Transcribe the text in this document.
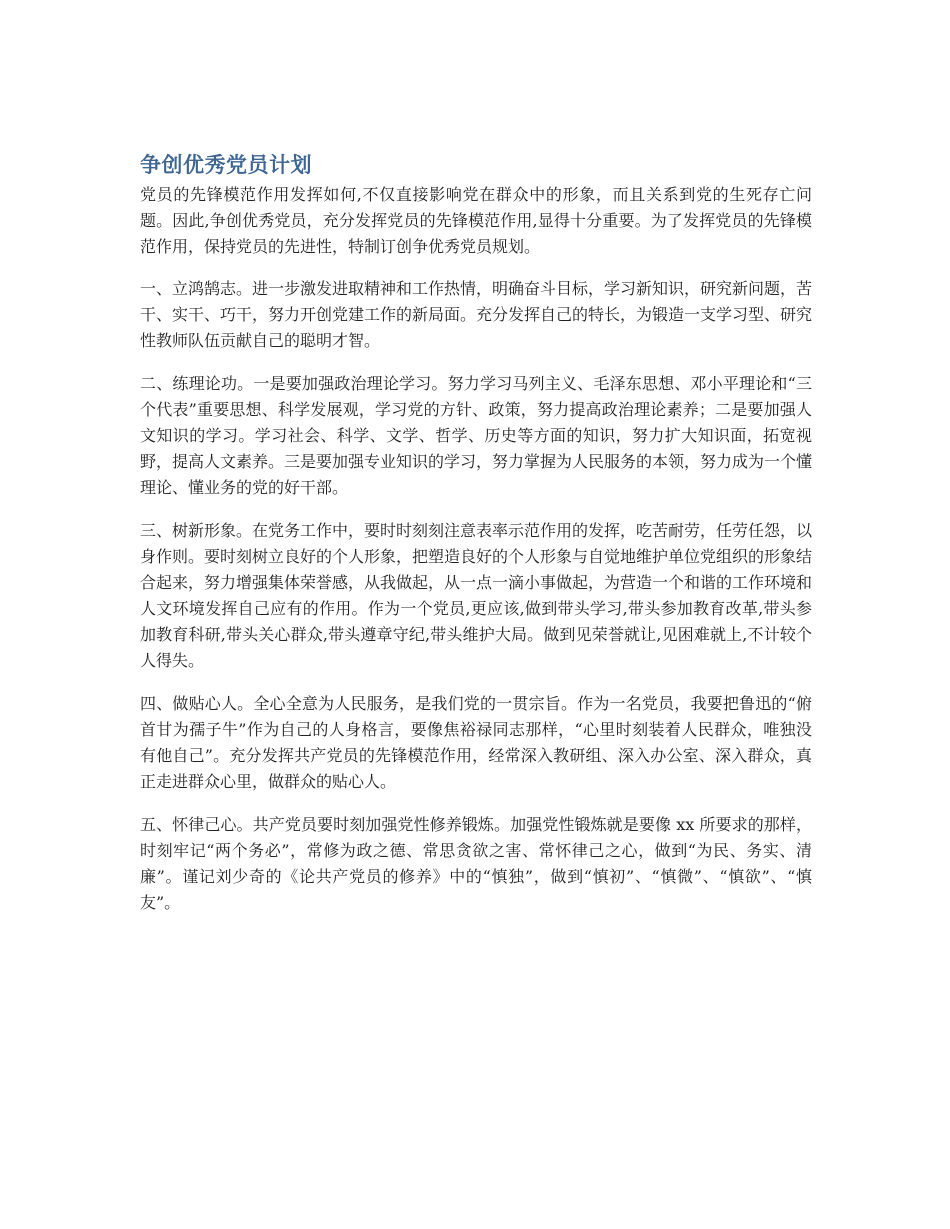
争创优秀党员计划

党员的先锋模范作用发挥如何,不仅直接影响党在群众中的形象，而且关系到党的生死存亡问题。因此,争创优秀党员，充分发挥党员的先锋模范作用,显得十分重要。为了发挥党员的先锋模范作用，保持党员的先进性，特制订创争优秀党员规划。

一、立鸿鹄志。进一步激发进取精神和工作热情，明确奋斗目标，学习新知识，研究新问题，苦干、实干、巧干，努力开创党建工作的新局面。充分发挥自己的特长，为锻造一支学习型、研究性教师队伍贡献自己的聪明才智。

二、练理论功。一是要加强政治理论学习。努力学习马列主义、毛泽东思想、邓小平理论和“三个代表”重要思想、科学发展观，学习党的方针、政策，努力提高政治理论素养；二是要加强人文知识的学习。学习社会、科学、文学、哲学、历史等方面的知识，努力扩大知识面，拓宽视野，提高人文素养。三是要加强专业知识的学习，努力掌握为人民服务的本领，努力成为一个懂理论、懂业务的党的好干部。

三、树新形象。在党务工作中，要时时刻刻注意表率示范作用的发挥，吃苦耐劳，任劳任怨，以身作则。要时刻树立良好的个人形象，把塑造良好的个人形象与自觉地维护单位党组织的形象结合起来，努力增强集体荣誉感，从我做起，从一点一滴小事做起，为营造一个和谐的工作环境和人文环境发挥自己应有的作用。作为一个党员,更应该,做到带头学习,带头参加教育改革,带头参加教育科研,带头关心群众,带头遵章守纪,带头维护大局。做到见荣誉就让,见困难就上,不计较个人得失。

四、做贴心人。全心全意为人民服务，是我们党的一贯宗旨。作为一名党员，我要把鲁迅的“俯首甘为孺子牛”作为自己的人身格言，要像焦裕禄同志那样，“心里时刻装着人民群众，唯独没有他自己”。充分发挥共产党员的先锋模范作用，经常深入教研组、深入办公室、深入群众，真正走进群众心里，做群众的贴心人。

五、怀律己心。共产党员要时刻加强党性修养锻炼。加强党性锻炼就是要像 xx 所要求的那样，时刻牢记“两个务必”，常修为政之德、常思贪欲之害、常怀律己之心，做到“为民、务实、清廉”。谨记刘少奇的《论共产党员的修养》中的“慎独”，做到“慎初”、“慎微”、“慎欲”、“慎友”。
